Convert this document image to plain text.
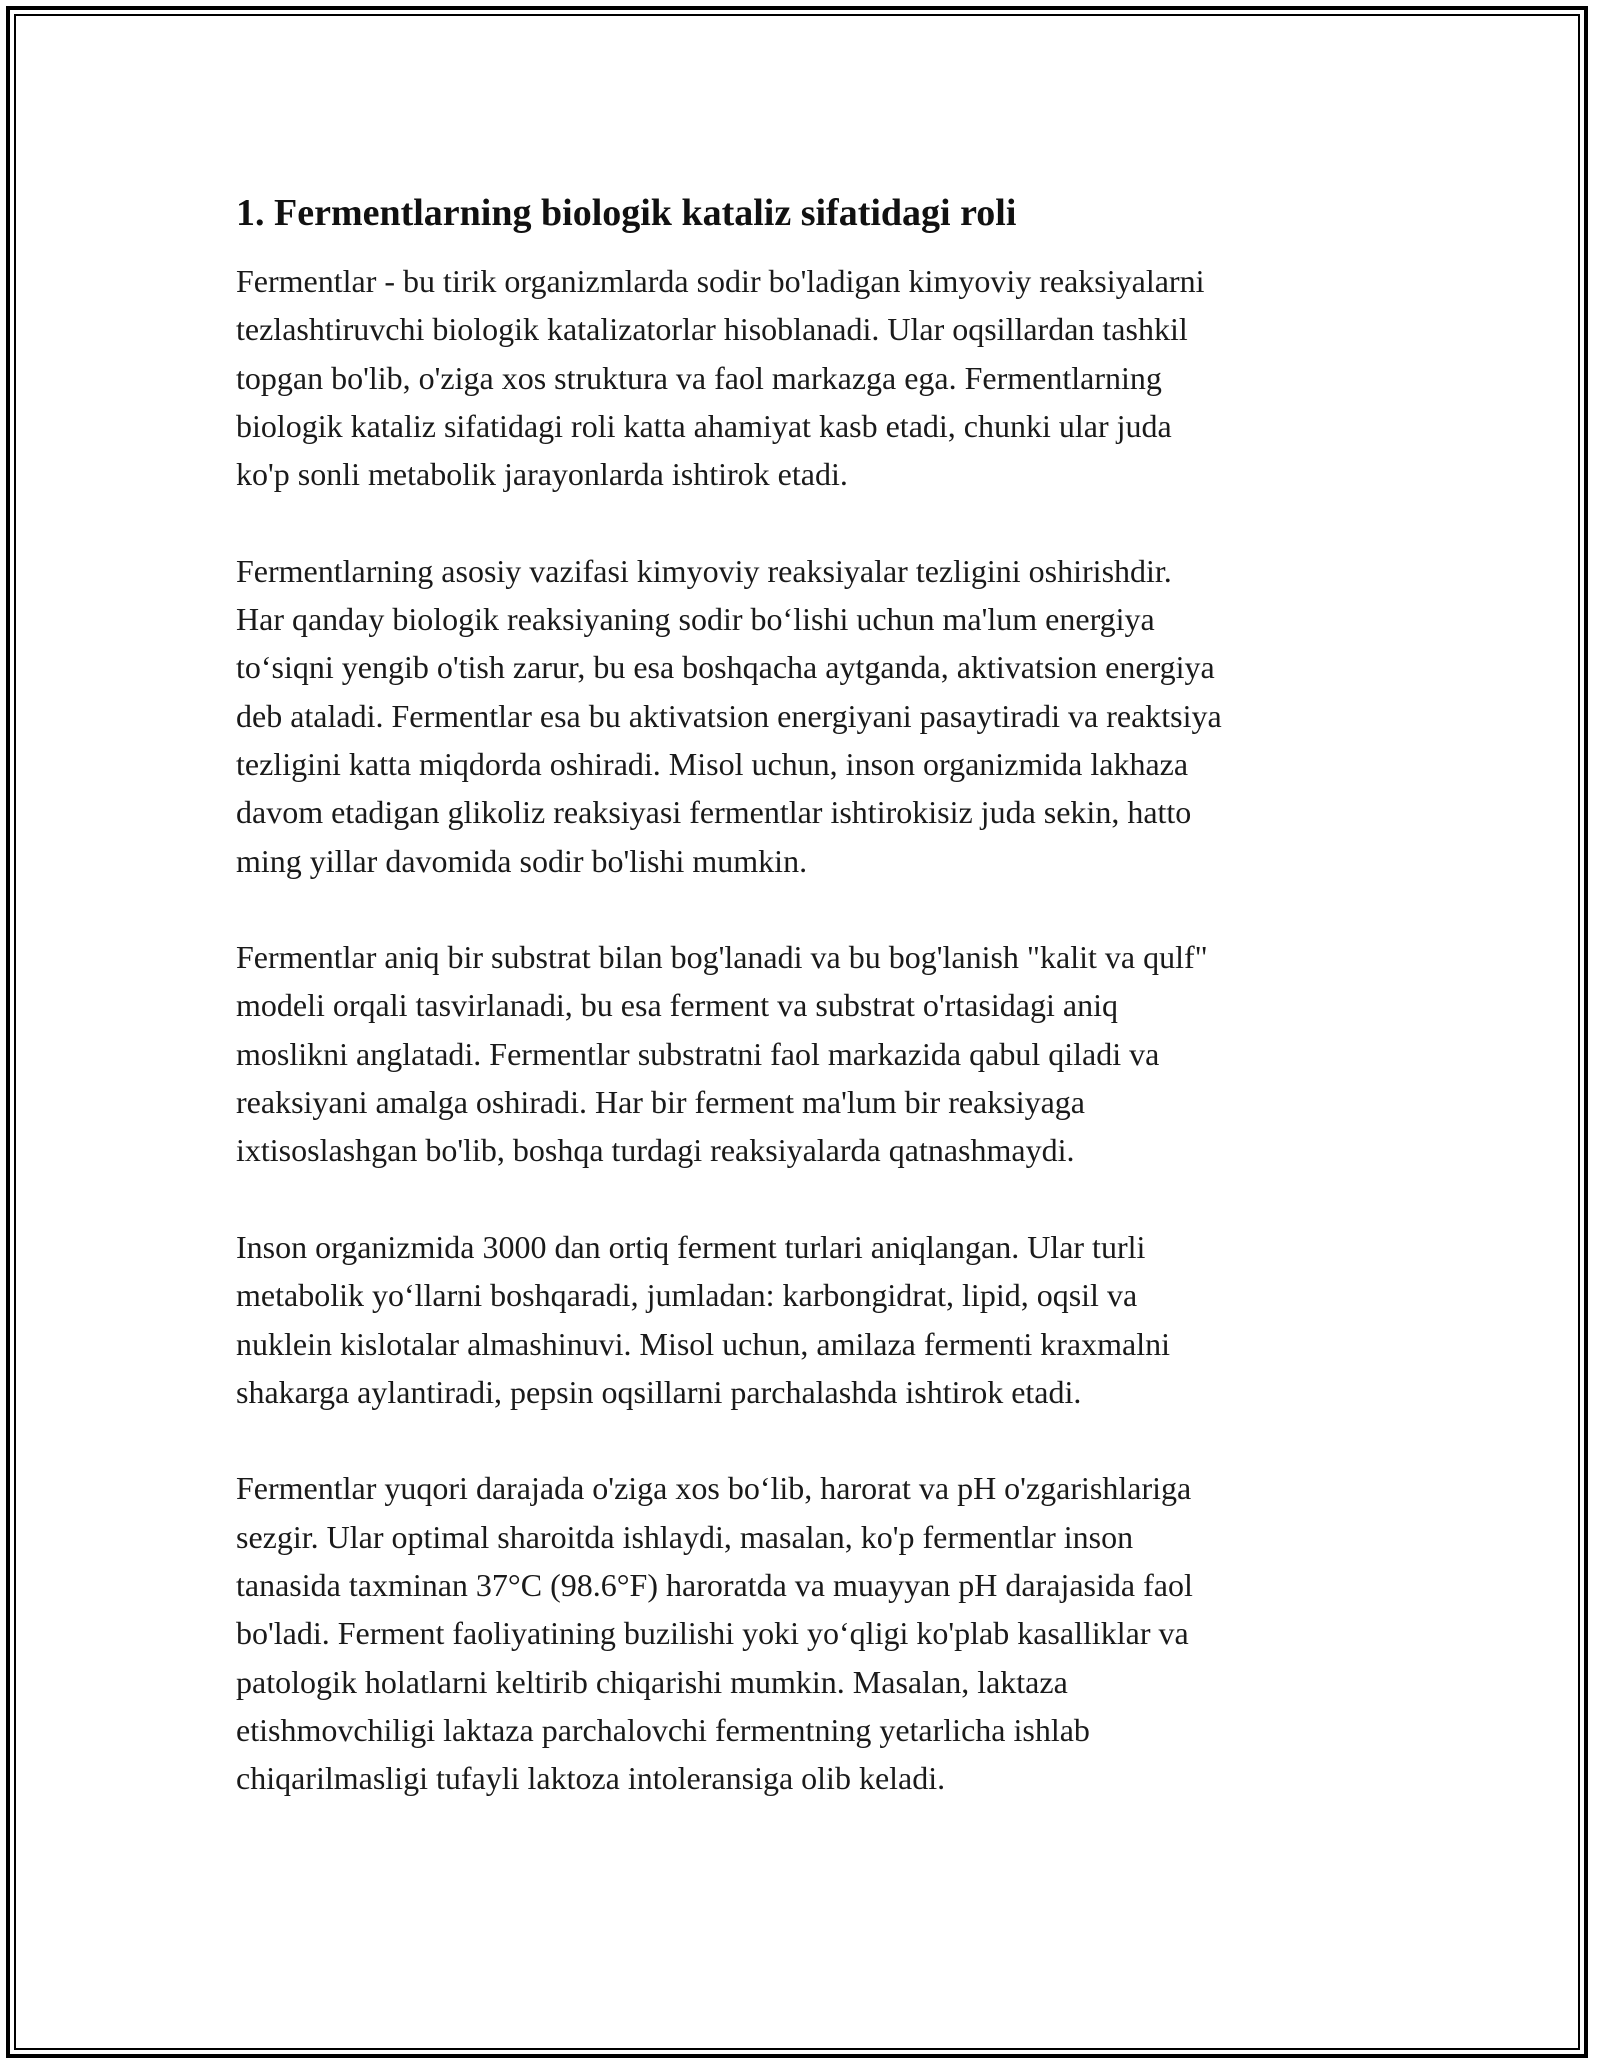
1. Fermentlarning biologik kataliz sifatidagi roli
Fermentlar - bu tirik organizmlarda sodir bo'ladigan kimyoviy reaksiyalarni
tezlashtiruvchi biologik katalizatorlar hisoblanadi. Ular oqsillardan tashkil
topgan bo'lib, o'ziga xos struktura va faol markazga ega. Fermentlarning
biologik kataliz sifatidagi roli katta ahamiyat kasb etadi, chunki ular juda
ko'p sonli metabolik jarayonlarda ishtirok etadi.
Fermentlarning asosiy vazifasi kimyoviy reaksiyalar tezligini oshirishdir.
Har qanday biologik reaksiyaning sodir bo‘lishi uchun ma'lum energiya
to‘siqni yengib o'tish zarur, bu esa boshqacha aytganda, aktivatsion energiya
deb ataladi. Fermentlar esa bu aktivatsion energiyani pasaytiradi va reaktsiya
tezligini katta miqdorda oshiradi. Misol uchun, inson organizmida lakhaza
davom etadigan glikoliz reaksiyasi fermentlar ishtirokisiz juda sekin, hatto
ming yillar davomida sodir bo'lishi mumkin.
Fermentlar aniq bir substrat bilan bog'lanadi va bu bog'lanish "kalit va qulf"
modeli orqali tasvirlanadi, bu esa ferment va substrat o'rtasidagi aniq
moslikni anglatadi. Fermentlar substratni faol markazida qabul qiladi va
reaksiyani amalga oshiradi. Har bir ferment ma'lum bir reaksiyaga
ixtisoslashgan bo'lib, boshqa turdagi reaksiyalarda qatnashmaydi.
Inson organizmida 3000 dan ortiq ferment turlari aniqlangan. Ular turli
metabolik yo‘llarni boshqaradi, jumladan: karbongidrat, lipid, oqsil va
nuklein kislotalar almashinuvi. Misol uchun, amilaza fermenti kraxmalni
shakarga aylantiradi, pepsin oqsillarni parchalashda ishtirok etadi.
Fermentlar yuqori darajada o'ziga xos bo‘lib, harorat va pH o'zgarishlariga
sezgir. Ular optimal sharoitda ishlaydi, masalan, ko'p fermentlar inson
tanasida taxminan 37°C (98.6°F) haroratda va muayyan pH darajasida faol
bo'ladi. Ferment faoliyatining buzilishi yoki yo‘qligi ko'plab kasalliklar va
patologik holatlarni keltirib chiqarishi mumkin. Masalan, laktaza
etishmovchiligi laktaza parchalovchi fermentning yetarlicha ishlab
chiqarilmasligi tufayli laktoza intoleransiga olib keladi.
